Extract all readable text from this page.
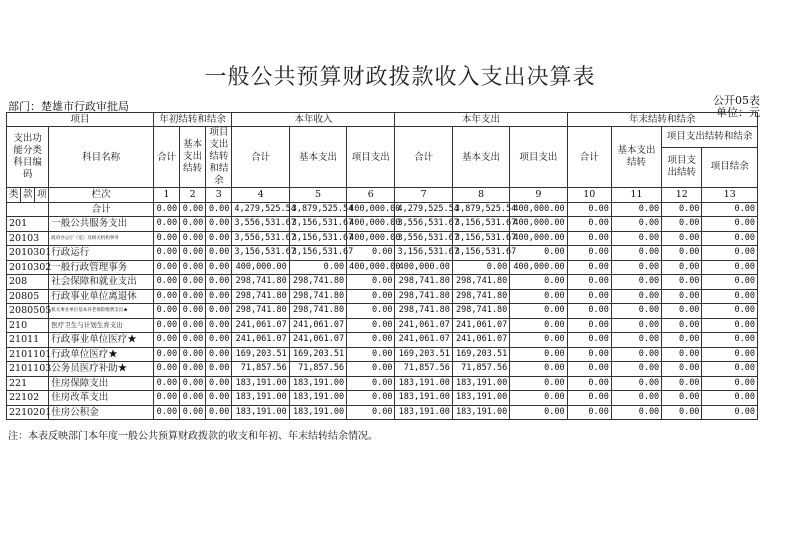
一般公共预算财政拨款收入支出决算表
公开05表
部门：楚雄市行政审批局	单位：元
项目				年初结转和结余			本年收入			本年支出			年末结转和结余			
支出功能分类科目编码			科目名称	合计	基本支出结转	项目支出结转和结余	合计	基本支出	项目支出	合计	基本支出	项目支出	合计	基本支出结转	项目支出结转和结余	
															项目支出结转	项目结余
类	款	项	栏次	1	2	3	4	5	6	7	8	9	10	11	12	13
			合计	0.00	0.00	0.00	4,279,525.54	3,879,525.54	400,000.00	4,279,525.54	3,879,525.54	400,000.00	0.00	0.00	0.00	0.00
201			一般公共服务支出	0.00	0.00	0.00	3,556,531.67	3,156,531.67	400,000.00	3,556,531.67	3,156,531.67	400,000.00	0.00	0.00	0.00	0.00
20103			政府办公厅（室）及相关机构事务	0.00	0.00	0.00	3,556,531.67	3,156,531.67	400,000.00	3,556,531.67	3,156,531.67	400,000.00	0.00	0.00	0.00	0.00
2010301			行政运行	0.00	0.00	0.00	3,156,531.67	3,156,531.67	0.00	3,156,531.67	3,156,531.67	0.00	0.00	0.00	0.00	0.00
2010302			一般行政管理事务	0.00	0.00	0.00	400,000.00	0.00	400,000.00	400,000.00	0.00	400,000.00	0.00	0.00	0.00	0.00
208			社会保障和就业支出	0.00	0.00	0.00	298,741.80	298,741.80	0.00	298,741.80	298,741.80	0.00	0.00	0.00	0.00	0.00
20805			行政事业单位离退休	0.00	0.00	0.00	298,741.80	298,741.80	0.00	298,741.80	298,741.80	0.00	0.00	0.00	0.00	0.00
2080505			机关事业单位基本养老保险缴费支出★	0.00	0.00	0.00	298,741.80	298,741.80	0.00	298,741.80	298,741.80	0.00	0.00	0.00	0.00	0.00
210			医疗卫生与计划生育支出	0.00	0.00	0.00	241,061.07	241,061.07	0.00	241,061.07	241,061.07	0.00	0.00	0.00	0.00	0.00
21011			行政事业单位医疗★	0.00	0.00	0.00	241,061.07	241,061.07	0.00	241,061.07	241,061.07	0.00	0.00	0.00	0.00	0.00
2101101			行政单位医疗★	0.00	0.00	0.00	169,203.51	169,203.51	0.00	169,203.51	169,203.51	0.00	0.00	0.00	0.00	0.00
2101103			公务员医疗补助★	0.00	0.00	0.00	71,857.56	71,857.56	0.00	71,857.56	71,857.56	0.00	0.00	0.00	0.00	0.00
221			住房保障支出	0.00	0.00	0.00	183,191.00	183,191.00	0.00	183,191.00	183,191.00	0.00	0.00	0.00	0.00	0.00
22102			住房改革支出	0.00	0.00	0.00	183,191.00	183,191.00	0.00	183,191.00	183,191.00	0.00	0.00	0.00	0.00	0.00
2210201			住房公积金	0.00	0.00	0.00	183,191.00	183,191.00	0.00	183,191.00	183,191.00	0.00	0.00	0.00	0.00	0.00
注：本表反映部门本年度一般公共预算财政拨款的收支和年初、年末结转结余情况。
